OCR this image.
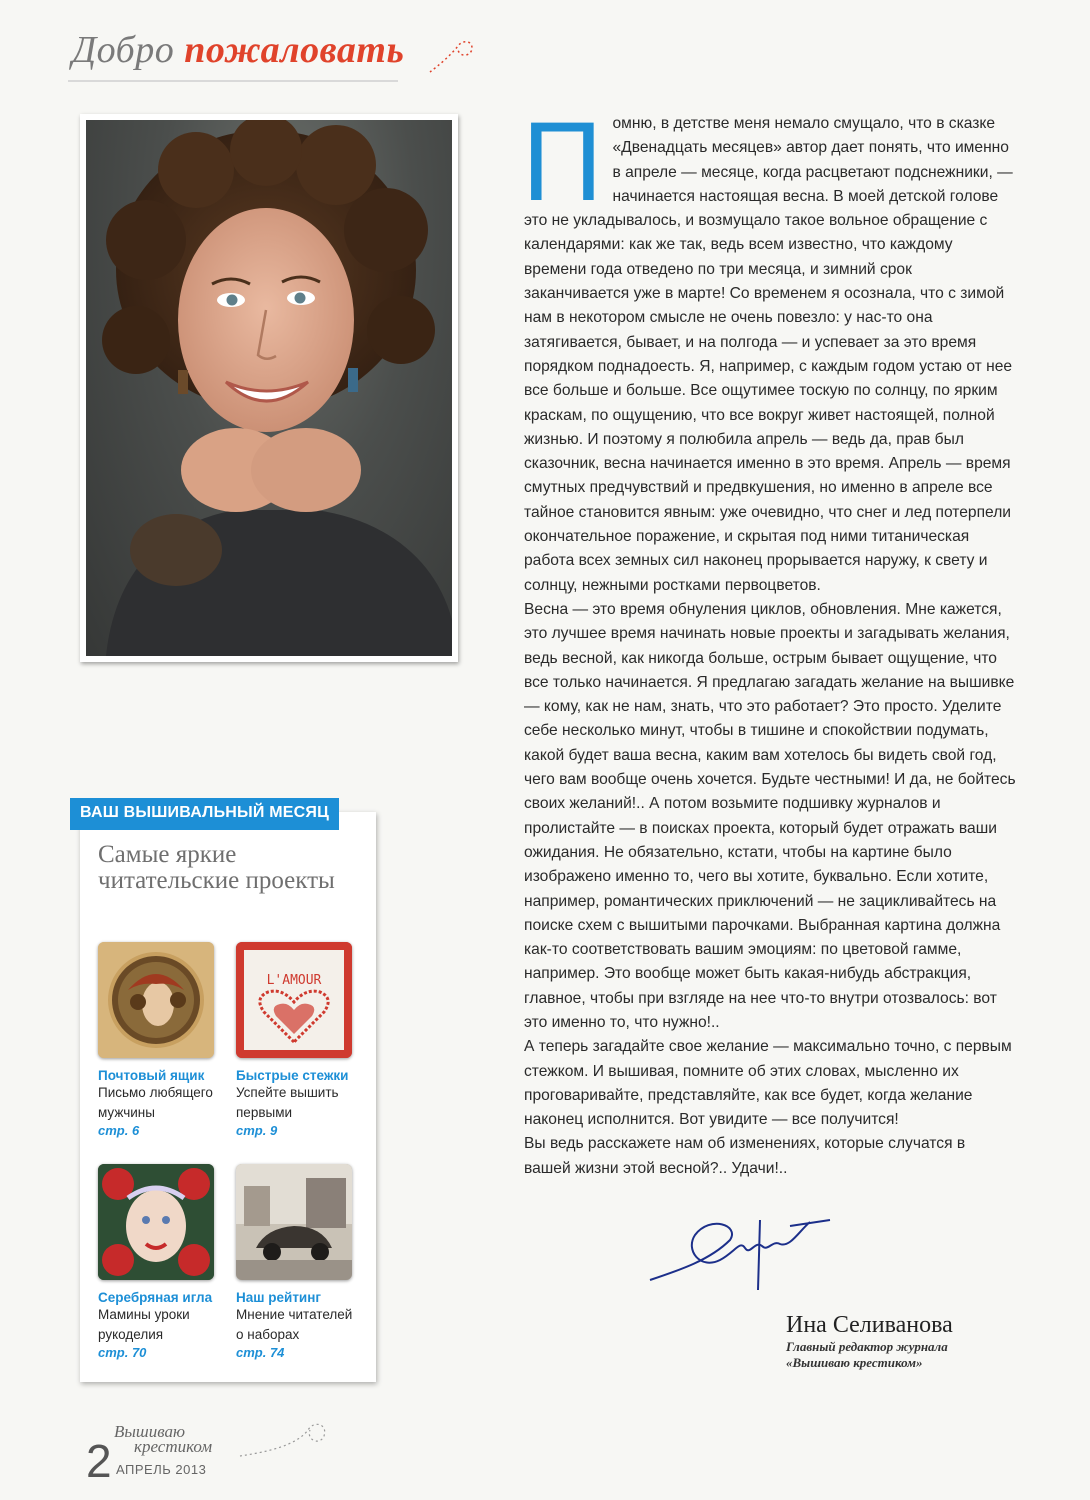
Добро пожаловать
П омню, в детстве меня немало смущало, что в сказке «Двенадцать месяцев» автор дает понять, что именно в апреле — месяце, когда расцветают подснежники, — начинается настоящая весна. В моей детской голове это не укладывалось, и возмущало такое вольное обращение с календарями: как же так, ведь всем известно, что каждому времени года отведено по три месяца, и зимний срок заканчивается уже в марте! Со временем я осознала, что с зимой нам в некотором смысле не очень повезло: у нас-то она затягивается, бывает, и на полгода — и успевает за это время порядком поднадоесть. Я, например, с каждым годом устаю от нее все больше и больше. Все ощутимее тоскую по солнцу, по ярким краскам, по ощущению, что все вокруг живет настоящей, полной жизнью. И поэтому я полюбила апрель — ведь да, прав был сказочник, весна начинается именно в это время. Апрель — время смутных предчувствий и предвкушения, но именно в апреле все тайное становится явным: уже очевидно, что снег и лед потерпели окончательное поражение, и скрытая под ними титаническая работа всех земных сил наконец прорывается наружу, к свету и солнцу, нежными ростками первоцветов.

Весна — это время обнуления циклов, обновления. Мне кажется, это лучшее время начинать новые проекты и загадывать желания, ведь весной, как никогда больше, острым бывает ощущение, что все только начинается. Я предлагаю загадать желание на вышивке — кому, как не нам, знать, что это работает? Это просто. Уделите себе несколько минут, чтобы в тишине и спокойствии подумать, какой будет ваша весна, каким вам хотелось бы видеть свой год, чего вам вообще очень хочется. Будьте честными! И да, не бойтесь своих желаний!.. А потом возьмите подшивку журналов и пролистайте — в поисках проекта, который будет отражать ваши ожидания. Не обязательно, кстати, чтобы на картине было изображено именно то, чего вы хотите, буквально. Если хотите, например, романтических приключений — не зацикливайтесь на поиске схем с вышитыми парочками. Выбранная картина должна как-то соответствовать вашим эмоциям: по цветовой гамме, например. Это вообще может быть какая-нибудь абстракция, главное, чтобы при взгляде на нее что-то внутри отозвалось: вот это именно то, что нужно!..

А теперь загадайте свое желание — максимально точно, с первым стежком. И вышивая, помните об этих словах, мысленно их проговаривайте, представляйте, как все будет, когда желание наконец исполнится. Вот увидите — все получится!

Вы ведь расскажете нам об изменениях, которые случатся в вашей жизни этой весной?.. Удачи!..

Ина Селиванова
Главный редактор журнала
«Вышиваю крестиком»
ВАШ ВЫШИВАЛЬНЫЙ МЕСЯЦ
Самые яркие читательские проекты
Почтовый ящик
Письмо любящего мужчины
стр. 6
L'AMOUR
Быстрые стежки
Успейте вышить первыми
стр. 9
Серебряная игла
Мамины уроки рукоделия
стр. 70
Наш рейтинг
Мнение читателей о наборах
стр. 74
2
Вышиваю
крестиком
АПРЕЛЬ 2013
